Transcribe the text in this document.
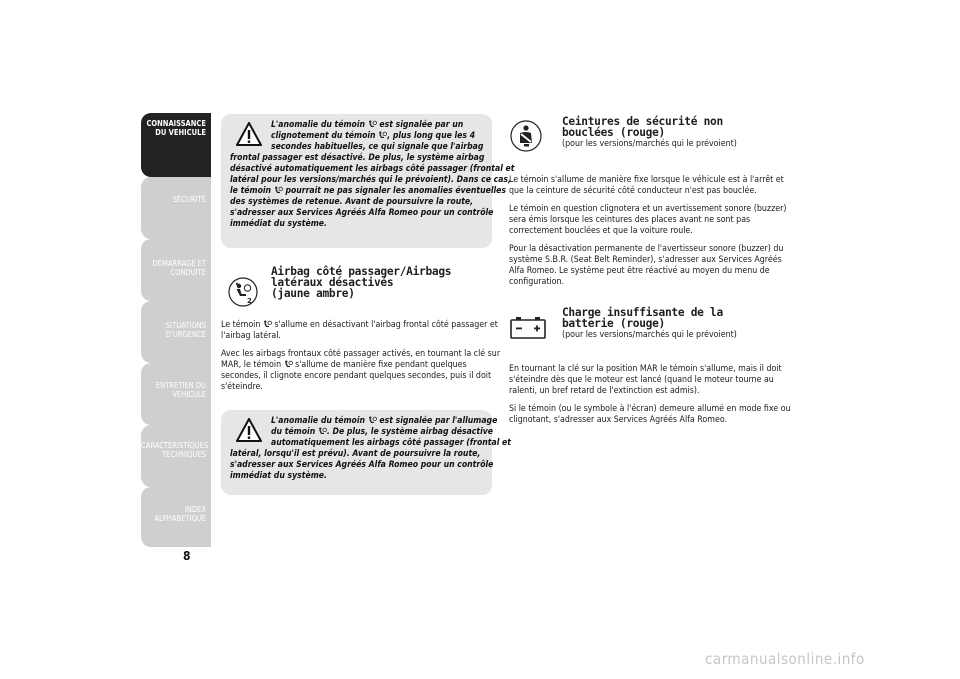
CONNAISSANCE
DU VEHICULE
SÉCURITÉ
DÉMARRAGE ET
CONDUITE
SITUATIONS
D'URGENCE
ENTRETIEN DU
VEHICULE
CARACTÉRISTIQUES
TECHNIQUES
INDEX
ALPHABETIQUE
8

L'anomalie du témoin  est signalée par un

clignotement du témoin , plus long que les 4

secondes habituelles, ce qui signale que l'airbag

frontal passager est désactivé. De plus, le système airbag

désactivé automatiquement les airbags côté passager (frontal et

latéral pour les versions/marchés qui le prévoient). Dans ce cas,

le témoin  pourrait ne pas signaler les anomalies éventuelles

des systèmes de retenue. Avant de poursuivre la route,

s'adresser aux Services Agréés Alfa Romeo pour un contrôle

immédiat du système.

2
Airbag côté passager/Airbags
latéraux désactivés
(jaune ambre)

Le témoin  s'allume en désactivant l'airbag frontal côté passager et

l'airbag latéral.

Avec les airbags frontaux côté passager activés, en tournant la clé sur

MAR, le témoin  s'allume de manière fixe pendant quelques

secondes, il clignote encore pendant quelques secondes, puis il doit

s'éteindre.

L'anomalie du témoin  est signalée par l'allumage

du témoin . De plus, le système airbag désactive

automatiquement les airbags côté passager (frontal et

latéral, lorsqu'il est prévu). Avant de poursuivre la route,

s'adresser aux Services Agréés Alfa Romeo pour un contrôle

immédiat du système.

Ceintures de sécurité non
bouclées (rouge)
(pour les versions/marchés qui le prévoient)

Le témoin s'allume de manière fixe lorsque le véhicule est à l'arrêt et

que la ceinture de sécurité côté conducteur n'est pas bouclée.

Le témoin en question clignotera et un avertissement sonore (buzzer)

sera émis lorsque les ceintures des places avant ne sont pas

correctement bouclées et que la voiture roule.

Pour la désactivation permanente de l'avertisseur sonore (buzzer) du

système S.B.R. (Seat Belt Reminder), s'adresser aux Services Agréés

Alfa Romeo. Le système peut être réactivé au moyen du menu de

configuration.

Charge insuffisante de la
batterie (rouge)
(pour les versions/marchés qui le prévoient)

En tournant la clé sur la position MAR le témoin s'allume, mais il doit

s'éteindre dès que le moteur est lancé (quand le moteur tourne au

ralenti, un bref retard de l'extinction est admis).

Si le témoin (ou le symbole à l'écran) demeure allumé en mode fixe ou

clignotant, s'adresser aux Services Agréés Alfa Romeo.

carmanualsonline.info
